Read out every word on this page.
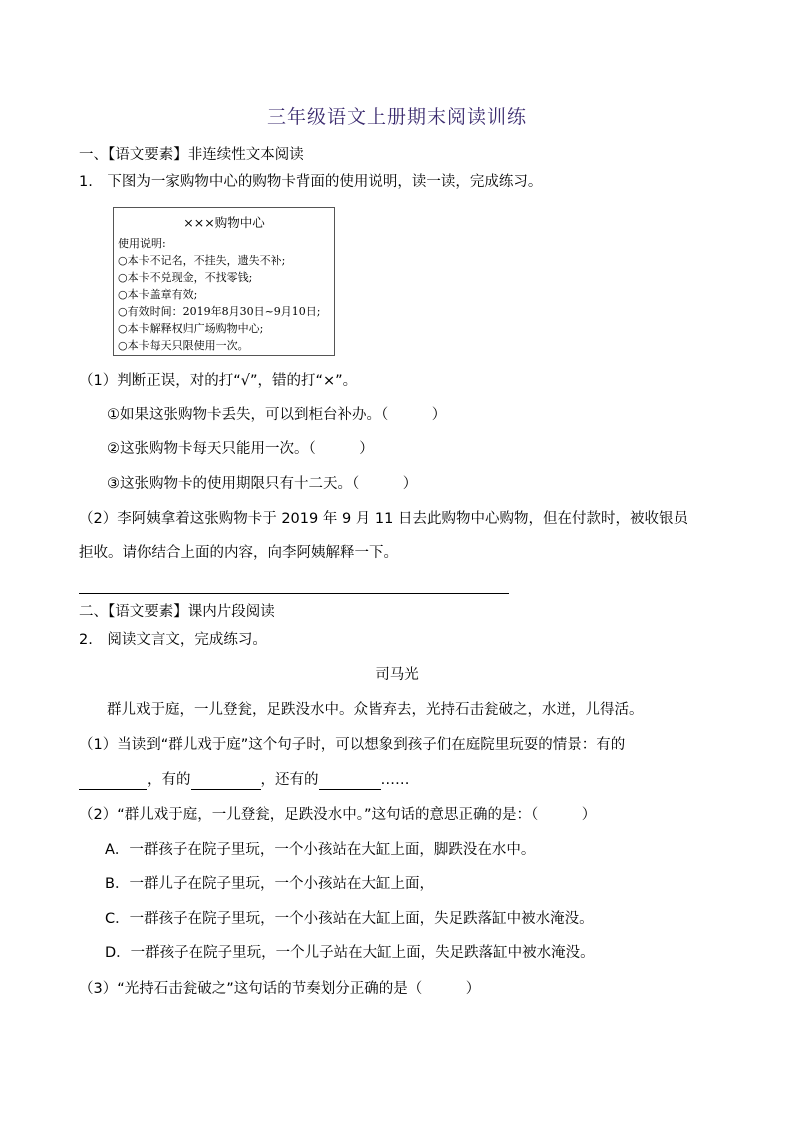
三年级语文上册期末阅读训练
一、【语文要素】非连续性文本阅读
1.　下图为一家购物中心的购物卡背面的使用说明，读一读，完成练习。
×××购物中心
使用说明:
○本卡不记名，不挂失，遗失不补;
○本卡不兑现金，不找零钱;
○本卡盖章有效;
○有效时间：2019年8月30日~9月10日;
○本卡解释权归广场购物中心;
○本卡每天只限使用一次。
（1）判断正误，对的打“√”，错的打“×”。
①如果这张购物卡丢失，可以到柜台补办。（　　　）
②这张购物卡每天只能用一次。（　　　）
③这张购物卡的使用期限只有十二天。（　　　）
（2）李阿姨拿着这张购物卡于 2019 年 9 月 11 日去此购物中心购物，但在付款时，被收银员
拒收。请你结合上面的内容，向李阿姨解释一下。
二、【语文要素】课内片段阅读
2.　阅读文言文，完成练习。
司马光
群儿戏于庭，一儿登瓮，足跌没水中。众皆弃去，光持石击瓮破之，水迸，儿得活。
（1）当读到“群儿戏于庭”这个句子时，可以想象到孩子们在庭院里玩耍的情景：有的
，有的	，还有的	……
（2）“群儿戏于庭，一儿登瓮，足跌没水中。”这句话的意思正确的是：（　　　）
A．一群孩子在院子里玩，一个小孩站在大缸上面，脚跌没在水中。
B．一群儿子在院子里玩，一个小孩站在大缸上面，
C．一群孩子在院子里玩，一个小孩站在大缸上面，失足跌落缸中被水淹没。
D．一群孩子在院子里玩，一个儿子站在大缸上面，失足跌落缸中被水淹没。
（3）“光持石击瓮破之”这句话的节奏划分正确的是（　　　）
